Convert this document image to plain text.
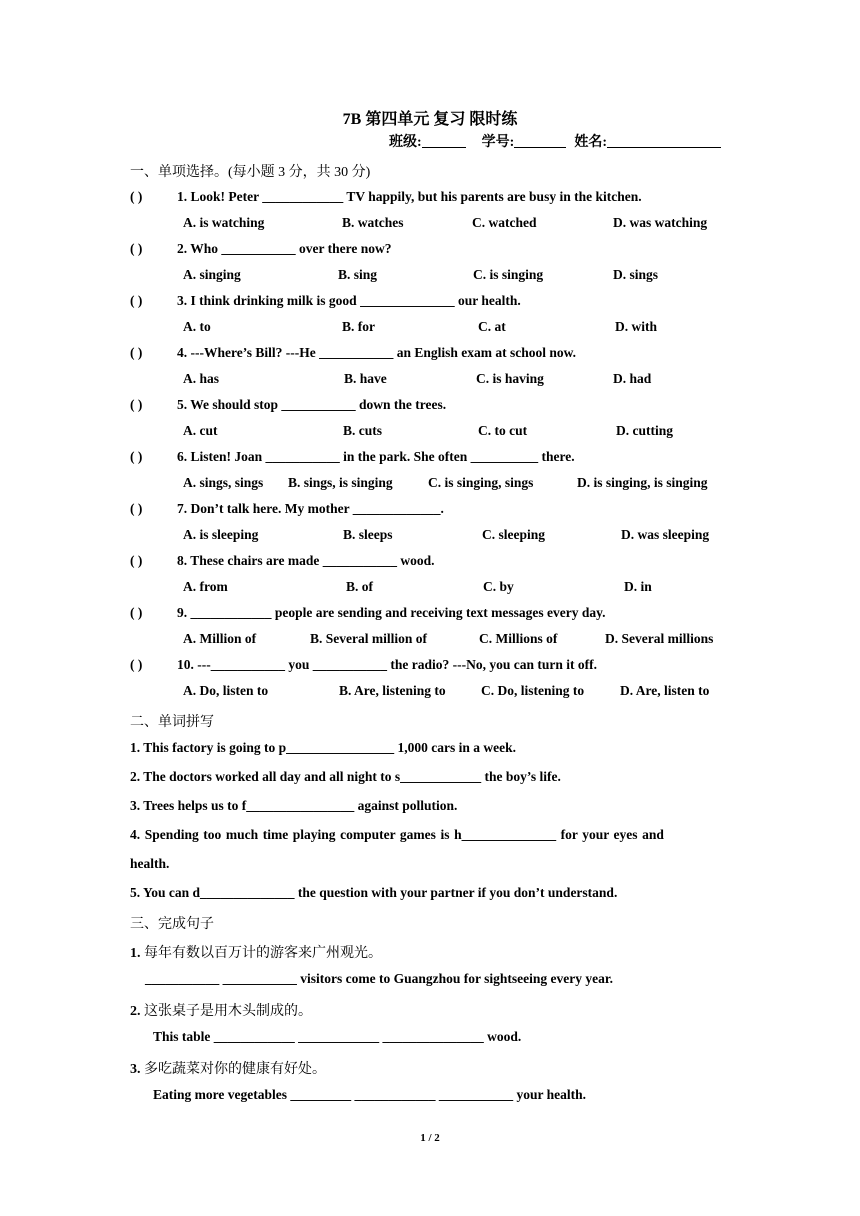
7B 第四单元 复习 限时练
班级:	学号:	姓名:
一、单项选择。(每小题 3 分，共 30 分)
( )	1. Look! Peter ____________ TV happily, but his parents are busy in the kitchen.
A. is watching	B. watches	C. watched	D. was watching
( )	2. Who ___________ over there now?
A. singing	B. sing	C. is singing	D. sings
( )	3. I think drinking milk is good ______________ our health.
A. to	B. for	C. at	D. with
( )	4. ---Where’s Bill? ---He ___________ an English exam at school now.
A. has	B. have	C. is having	D. had
( )	5. We should stop ___________ down the trees.
A. cut	B. cuts	C. to cut	D. cutting
( )	6. Listen! Joan ___________ in the park. She often __________ there.
A. sings, sings B. sings, is singing	C. is singing, sings	D. is singing, is singing
( )	7. Don’t talk here. My mother _____________.
A. is sleeping	B. sleeps	C. sleeping	D. was sleeping
( )	8. These chairs are made ___________ wood.
A. from	B. of	C. by	D. in
( )	9. ____________ people are sending and receiving text messages every day.
A. Million of	B. Several million of	C. Millions of	D. Several millions
( )	10. ---___________ you ___________ the radio? ---No, you can turn it off.
A. Do, listen to	B. Are, listening to	C. Do, listening to	D. Are, listen to
二、单词拼写
1. This factory is going to p________________ 1,000 cars in a week.
2. The doctors worked all day and all night to s____________ the boy’s life.
3. Trees helps us to f________________ against pollution.
4. Spending too much time playing computer games is h______________ for your eyes and
health.
5. You can d______________ the question with your partner if you don’t understand.
三、完成句子
1. 每年有数以百万计的游客来广州观光。
___________ ___________ visitors come to Guangzhou for sightseeing every year.
2. 这张桌子是用木头制成的。
This table ____________ ____________ _______________ wood.
3. 多吃蔬菜对你的健康有好处。
Eating more vegetables _________ ____________ ___________ your health.
1 / 2
